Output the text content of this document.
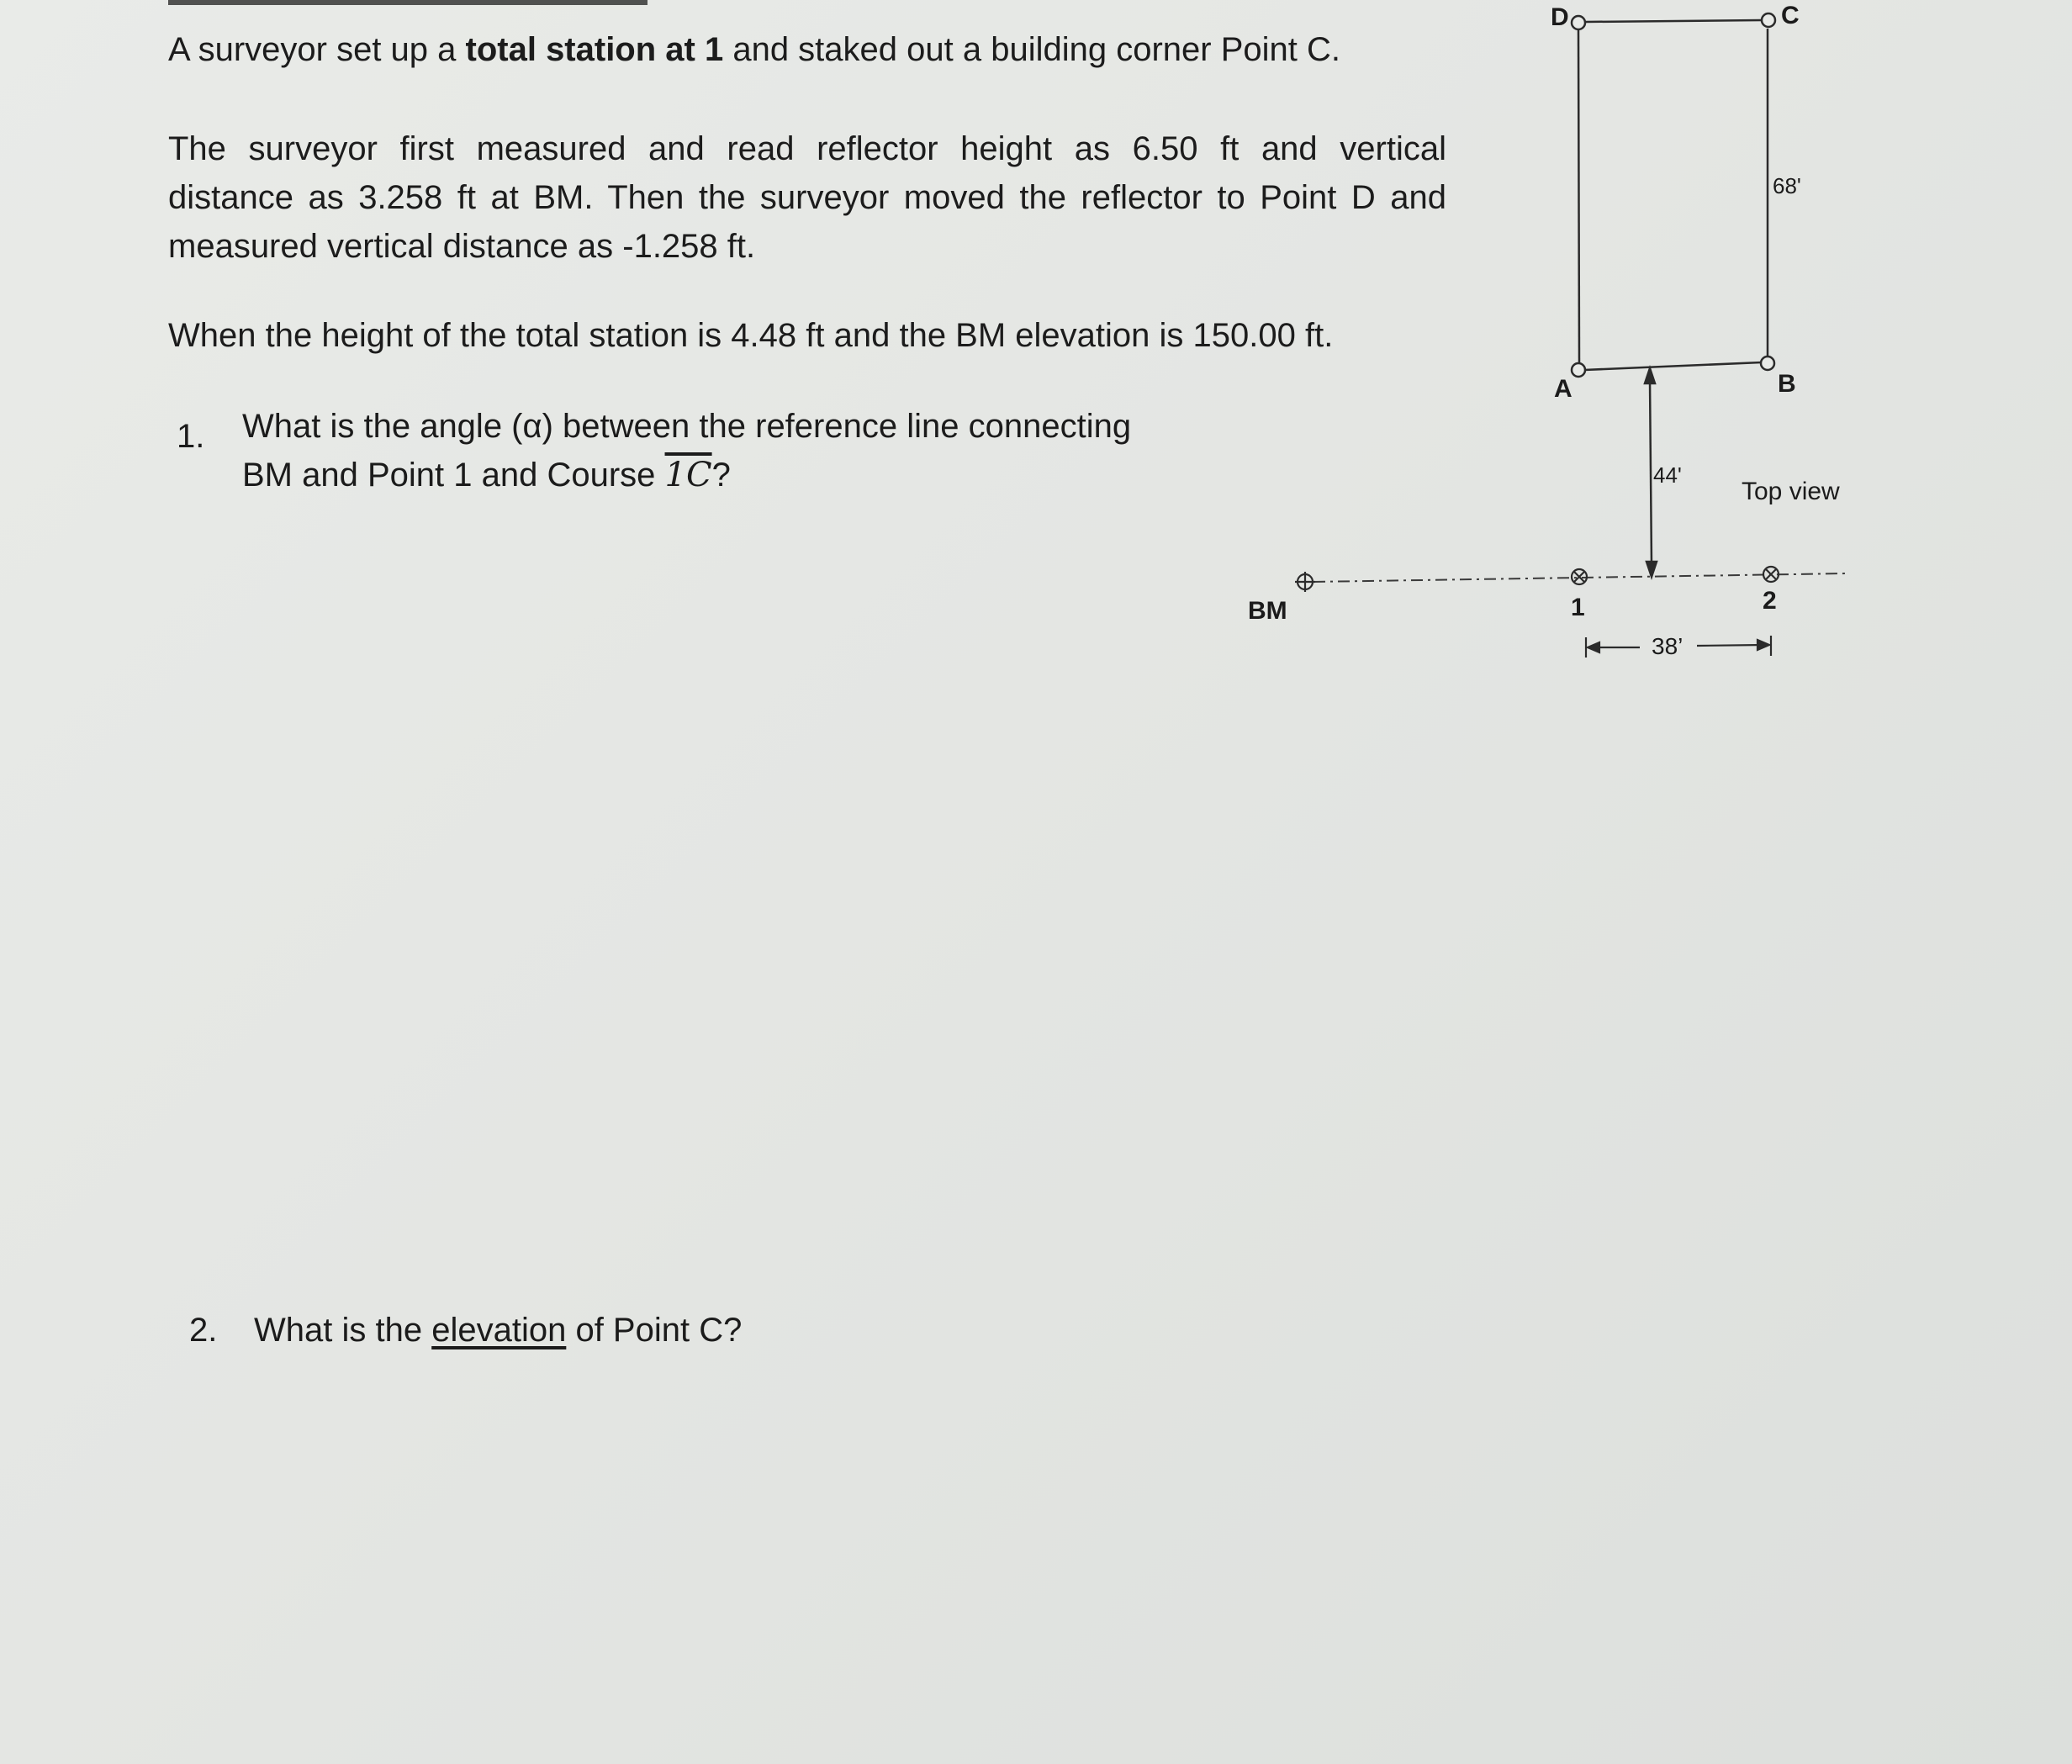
A surveyor set up a total station at 1 and staked out a building corner Point C.
The surveyor first measured and read reflector height as 6.50 ft and vertical
distance as 3.258 ft at BM. Then the surveyor moved the reflector to Point D and
measured vertical distance as -1.258 ft.
When the height of the total station is 4.48 ft and the BM elevation is 150.00 ft.
1. What is the angle (α) between the reference line connecting
BM and Point 1 and Course 1C?
2. What is the elevation of Point C?
D	C
A	B
68'
44'
Top view
BM	1	2
38’
